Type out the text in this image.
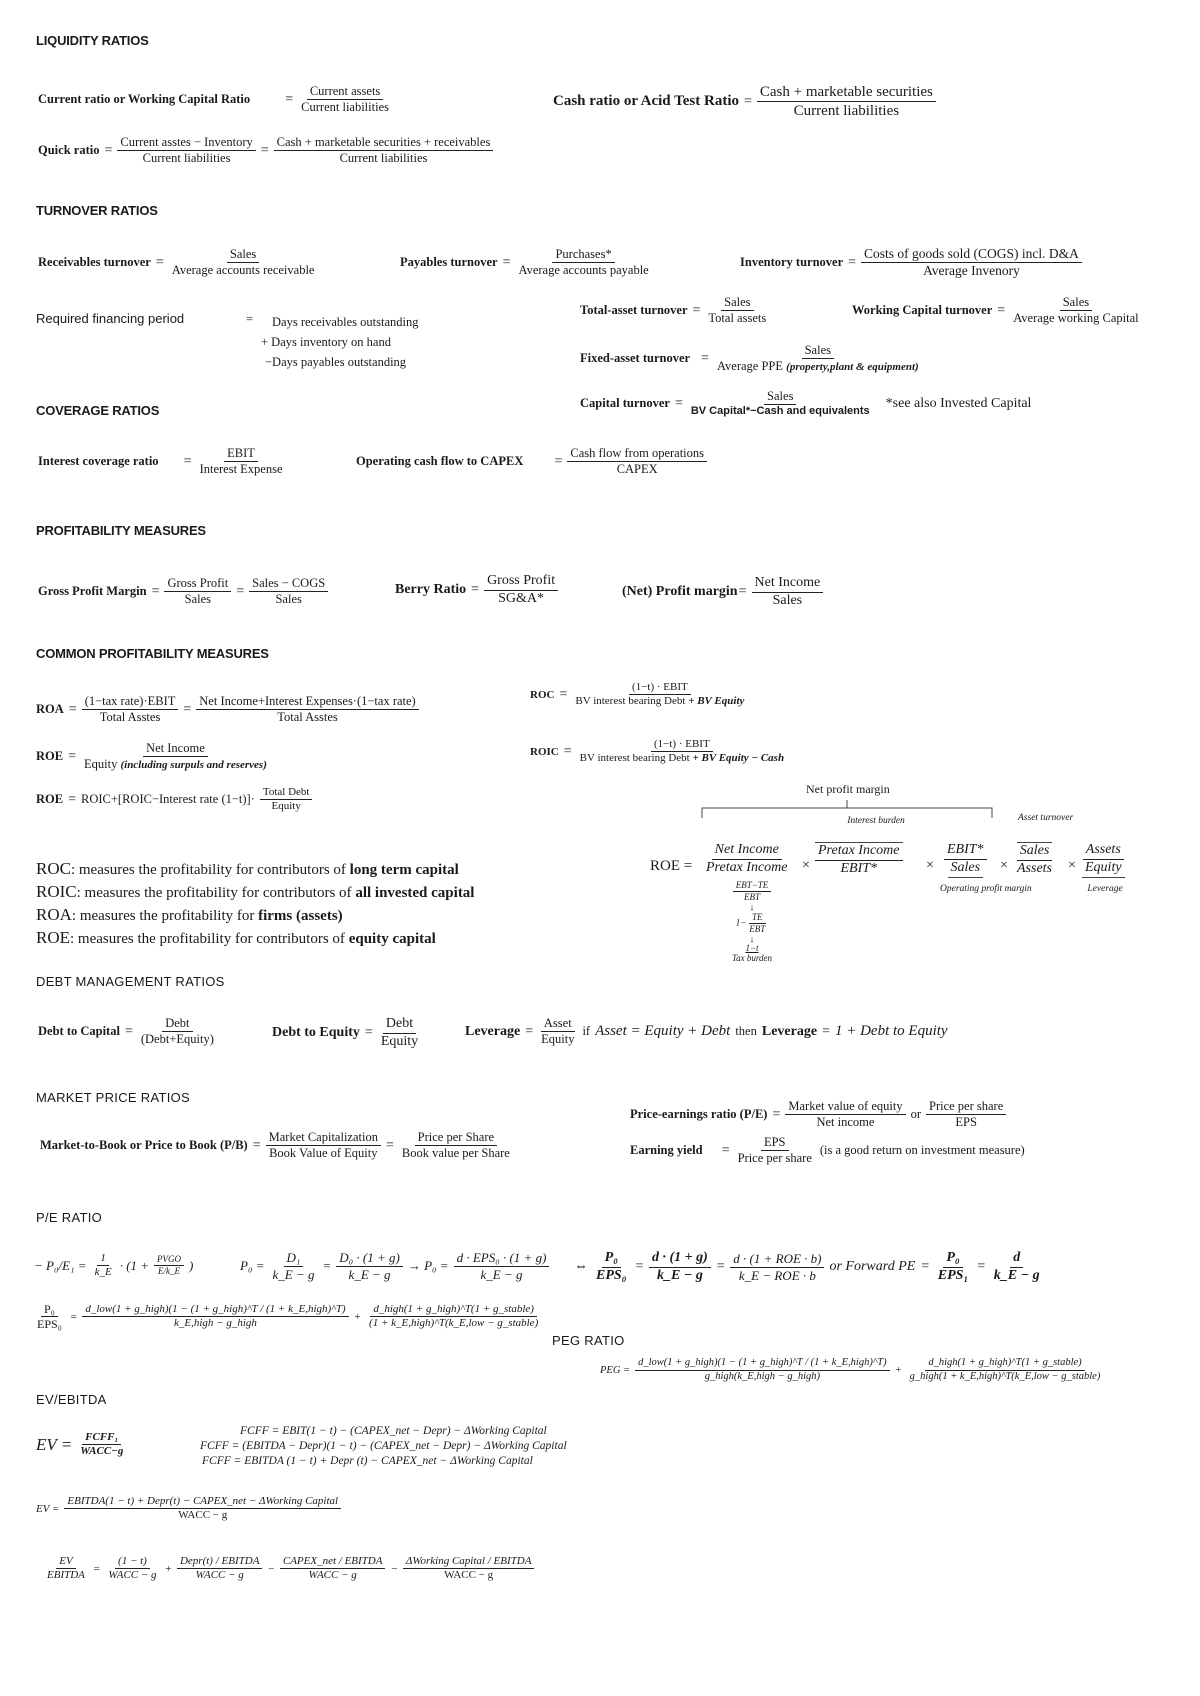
LIQUIDITY RATIOS
Current ratio or Working Capital Ratio	=
Current assets
Current liabilities	Cash ratio or Acid Test Ratio =
Cash + marketable securities
Current liabilities
Quick ratio =
Current asstes − Inventory
Current liabilities
=
Cash + marketable securities + receivables
Current liabilities
TURNOVER RATIOS
Receivables turnover =
Sales
Average accounts receivable
Payables turnover =
Purchases*
Average accounts payable
Inventory turnover =
Costs of goods sold (COGS) incl. D&A
Average Invenory
Required financing period	= Days receivables outstanding
+ Days inventory on hand
−Days payables outstanding
Total-asset turnover =
Sales
Total assets
Working Capital turnover =
Sales
Average working Capital
Fixed-asset turnover =
Sales
Average PPE (property,plant & equipment)
Capital turnover =	Sales
BV Capital*−Cash and equivalents
*see also Invested Capital
COVERAGE RATIOS
Interest coverage ratio	=
EBIT
Interest Expense
Operating cash flow to CAPEX	=
Cash flow from operations
CAPEX
PROFITABILITY MEASURES
Gross Profit Margin =
Gross Profit
Sales
=
Sales − COGS
Sales
Berry Ratio =
Gross Profit
SG&A*	(Net) Profit margin =
Net Income
Sales
COMMON PROFITABILITY MEASURES
ROA =
(1−tax rate)·EBIT
Total Asstes
=
Net Income+Interest Expenses·(1−tax rate)
Total Asstes
ROE =
Net Income
Equity (including surpuls and reserves)
ROE = ROIC+[ROIC−Interest rate (1−t)]·
Total Debt
Equity
ROC =	(1−t) · EBIT
BV interest bearing Debt + BV Equity
ROIC =	(1−t) · EBIT
BV interest bearing Debt + BV Equity − Cash
ROC: measures the profitability for contributors of long term capital
ROIC: measures the profitability for contributors of all invested capital
ROA: measures the profitability for firms (assets)
ROE: measures the profitability for contributors of equity capital
Net profit margin
ROE =
Net Income
Pretax Income ×
Interest burden
Pretax Income
EBIT*	×
EBIT*
Sales
Operating profit margin
×
Asset turnover
Sales
Assets ×
Assets
Equity
Leverage
EBT−TE
EBT
↓
1−
TE
EBT
↓
1−t
Tax burden
DEBT MANAGEMENT RATIOS
Debt to Capital =
Debt
(Debt+Equity)	Debt to Equity =
Debt
Equity
Leverage =
Asset
Equity
if Asset = Equity + Debt then Leverage = 1 + Debt to Equity
MARKET PRICE RATIOS
Market-to-Book or Price to Book (P/B) =
Market Capitalization
Book Value of Equity
=
Price per Share
Book value per Share
Price-earnings ratio (P/E) =
Market value of equity
Net income
or
Price per share
EPS
Earning yield	=
EPS
Price per share
(is a good return on investment measure)
P/E RATIO
− $P_0/E_1 = \frac{1}{k\_E} \cdot (1$ + PVGO
E/k_E )	$P_0 = \frac{\text{D₁}}{k\_E - g} = \frac{\text{D₀ · (1 + g)}}{k\_E - g} \to P_0$ =
d · EPS₀ · (1 + g)
k_E − g	⇔
P₀
EPS₀
= $\frac{d \cdot (1 + g)}{k\_E - g}$ =
d · (1 + ROE · b)
k_E − ROE · b
or Forward PE =
P₀
EPS₁
= $\frac{d}{k\_E - g}$
P₀
EPS₀
=
d_low(1 + g_high)(1 − (1 + g_high)^T / (1 + k_E,high)^T)
k_E,high − g_high
+
d_high(1 + g_high)^T(1 + g_stable)
(1 + k_E,high)^T(k_E,low − g_stable)
PEG RATIO
PEG =
d_low(1 + g_high)(1 − (1 + g_high)^T / (1 + k_E,high)^T)
g_high(k_E,high − g_high)
+
d_high(1 + g_high)^T(1 + g_stable)
g_high(1 + k_E,high)^T(k_E,low − g_stable)
EV/EBITDA
EV = FCFF₁
WACC−g
FCFF = EBIT(1 − t) − (CAPEX_net − Depr) − ΔWorking Capital
FCFF = (EBITDA − Depr)(1 − t) − (CAPEX_net − Depr) − ΔWorking Capital
FCFF = EBITDA (1 − t) + Depr (t) − CAPEX_net − ΔWorking Capital
EV =
EBITDA(1 − t) + Depr(t) − CAPEX_net − ΔWorking Capital
WACC − g
EV
EBITDA
=
(1 − t)
WACC − g
+
Depr(t) / EBITDA
WACC − g
−
CAPEX_net / EBITDA
WACC − g
−
ΔWorking Capital / EBITDA
WACC − g
